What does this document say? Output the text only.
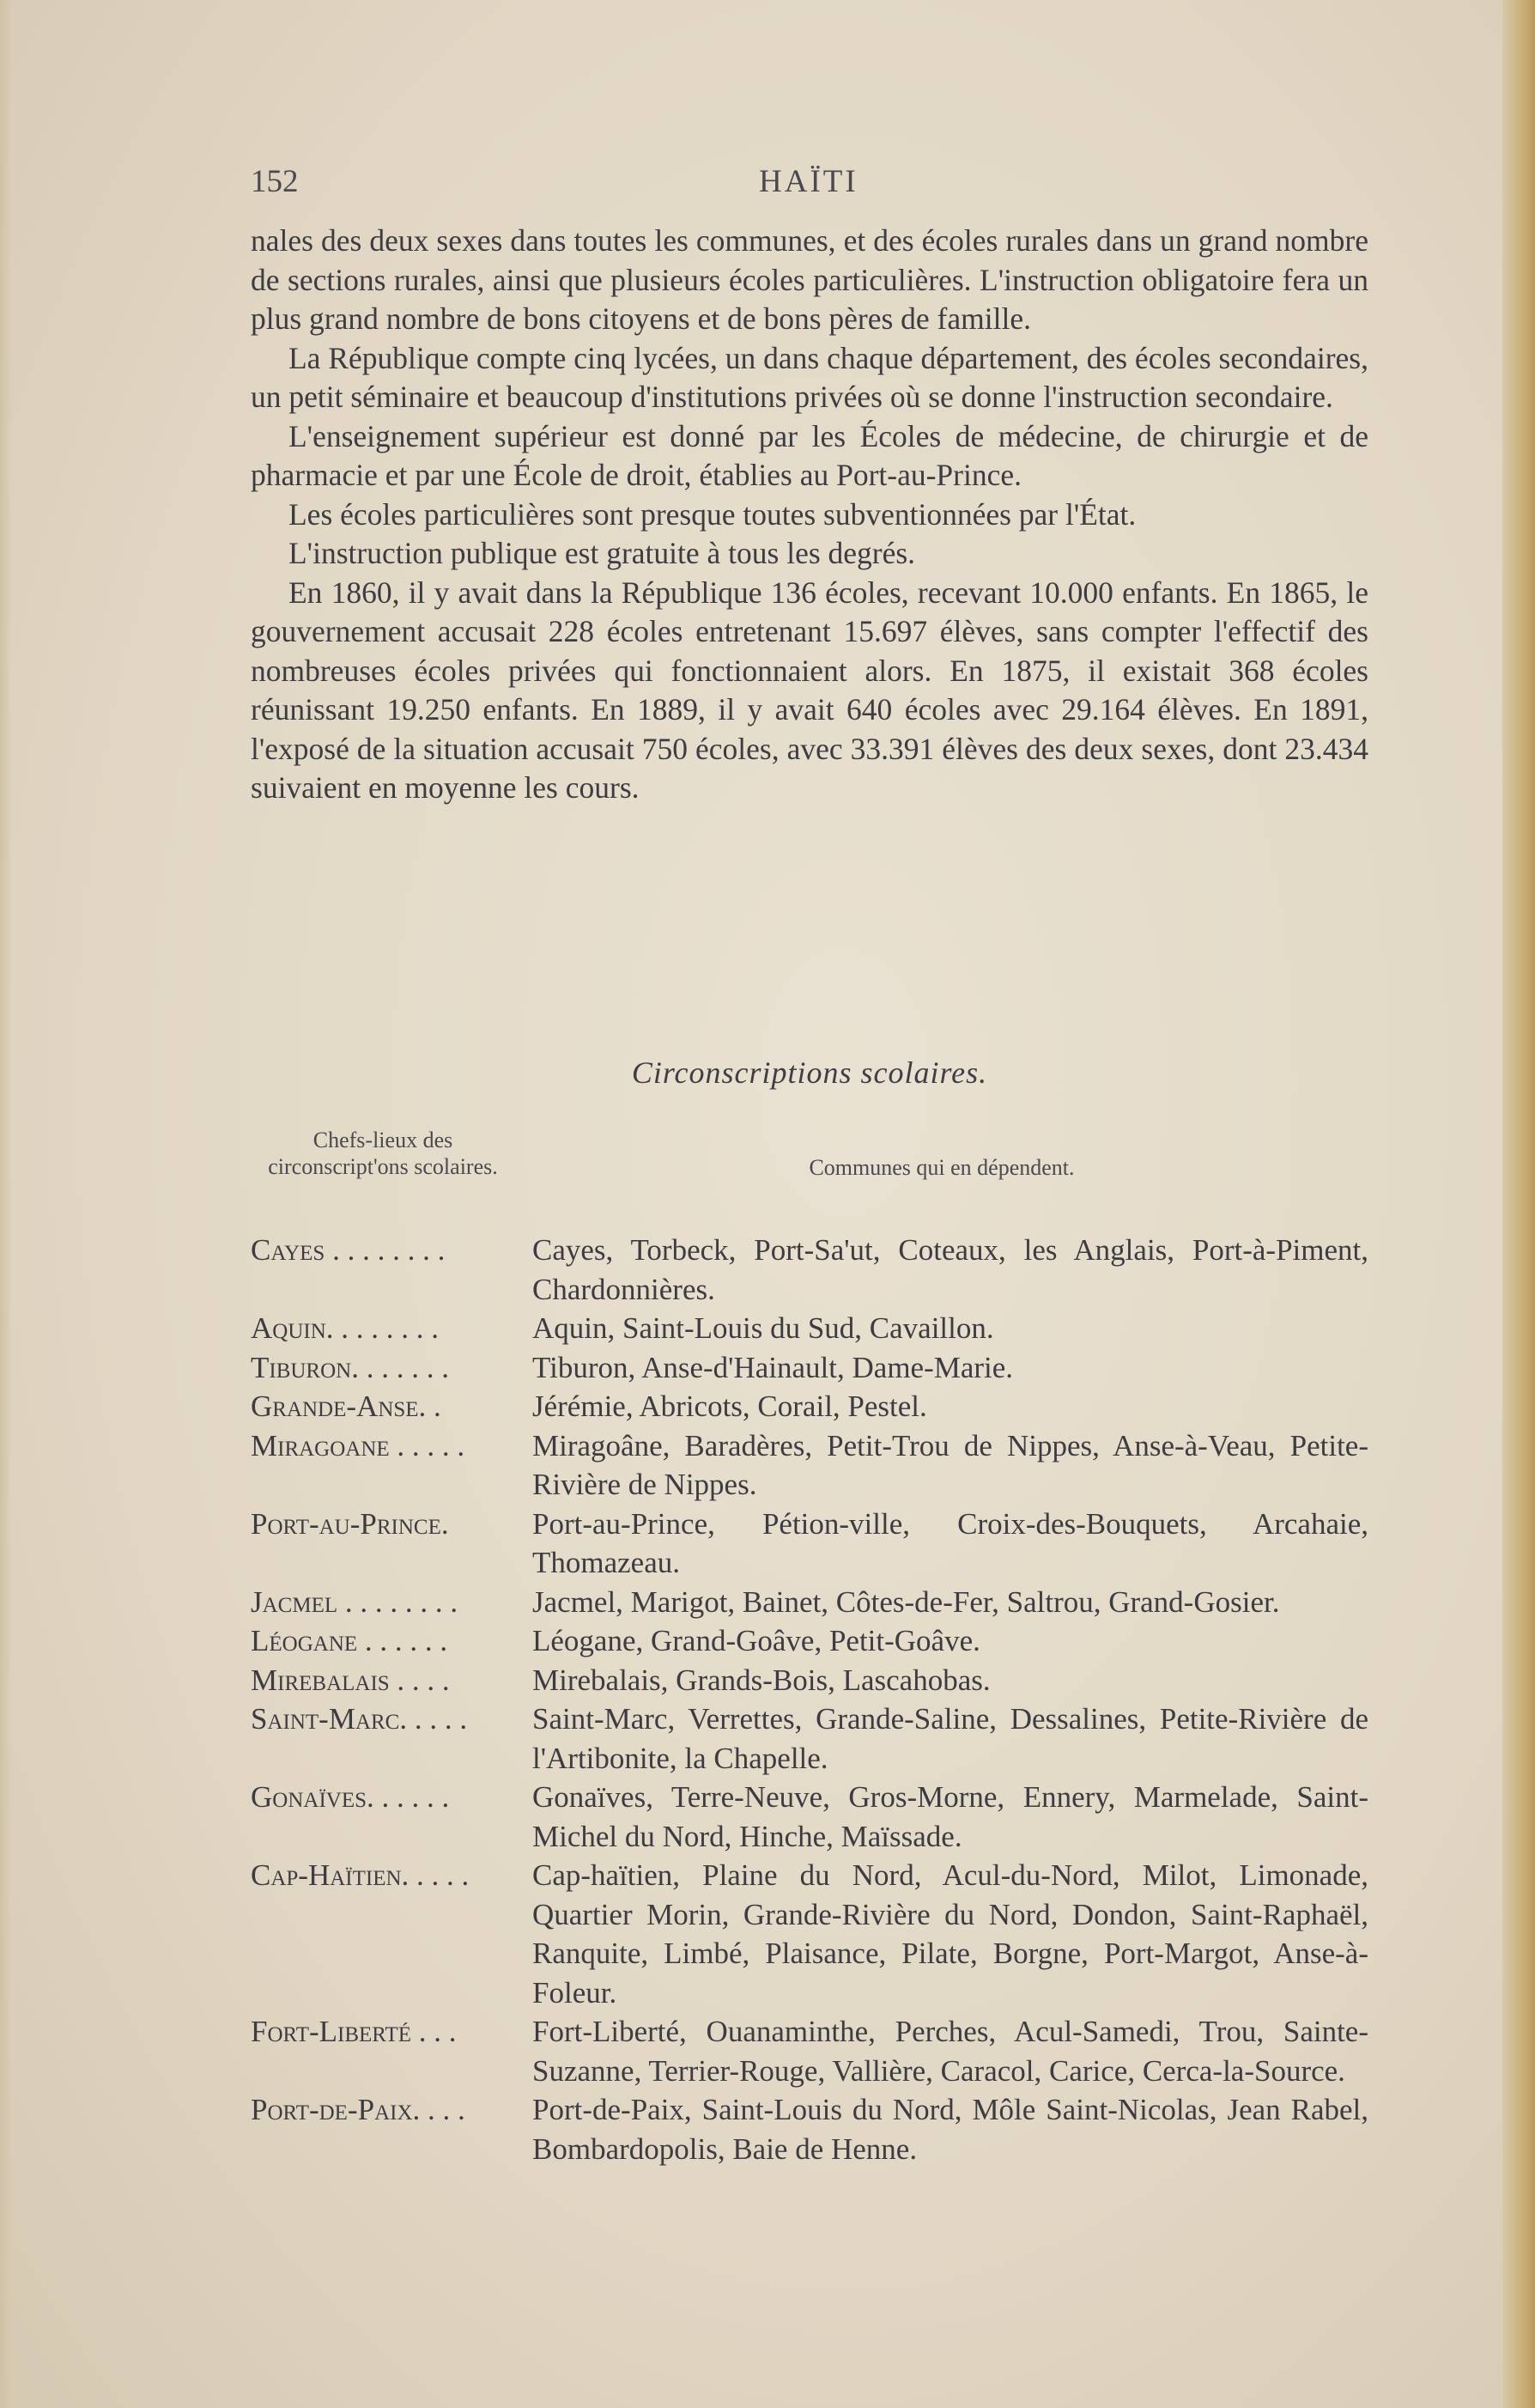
152	HAÏTI

nales des deux sexes dans toutes les communes, et des écoles rurales dans un grand nombre de sections rurales, ainsi que plusieurs écoles particulières. L'instruction obligatoire fera un plus grand nombre de bons citoyens et de bons pères de famille.

La République compte cinq lycées, un dans chaque département, des écoles secondaires, un petit séminaire et beaucoup d'institutions privées où se donne l'instruction secondaire.

L'enseignement supérieur est donné par les Écoles de médecine, de chirurgie et de pharmacie et par une École de droit, établies au Port-au-Prince.

Les écoles particulières sont presque toutes subventionnées par l'État.

L'instruction publique est gratuite à tous les degrés.

En 1860, il y avait dans la République 136 écoles, recevant 10.000 enfants. En 1865, le gouvernement accusait 228 écoles entretenant 15.697 élèves, sans compter l'effectif des nombreuses écoles privées qui fonctionnaient alors. En 1875, il existait 368 écoles réunissant 19.250 enfants. En 1889, il y avait 640 écoles avec 29.164 élèves. En 1891, l'exposé de la situation accusait 750 écoles, avec 33.391 élèves des deux sexes, dont 23.434 suivaient en moyenne les cours.

Circonscriptions scolaires.
Chefs-lieux des circonscript'ons scolaires.	Communes qui en dépendent.
Cayes . . . . . . . .	Cayes, Torbeck, Port-Sa'ut, Coteaux, les Anglais, Port-à-Piment, Chardonnières.
Aquin. . . . . . . .	Aquin, Saint-Louis du Sud, Cavaillon.
Tiburon. . . . . . .	Tiburon, Anse-d'Hainault, Dame-Marie.
Grande-Anse. .	Jérémie, Abricots, Corail, Pestel.
Miragoane . . . . .	Miragoâne, Baradères, Petit-Trou de Nippes, Anse-à-Veau, Petite-Rivière de Nippes.
Port-au-Prince.	Port-au-Prince, Pétion-ville, Croix-des-Bouquets, Arcahaie, Thomazeau.
Jacmel . . . . . . . .	Jacmel, Marigot, Bainet, Côtes-de-Fer, Saltrou, Grand-Gosier.
Léogane . . . . . .	Léogane, Grand-Goâve, Petit-Goâve.
Mirebalais . . . .	Mirebalais, Grands-Bois, Lascahobas.
Saint-Marc. . . . .	Saint-Marc, Verrettes, Grande-Saline, Dessalines, Petite-Rivière de l'Artibonite, la Chapelle.
Gonaïves. . . . . .	Gonaïves, Terre-Neuve, Gros-Morne, Ennery, Marmelade, Saint-Michel du Nord, Hinche, Maïssade.
Cap-Haïtien. . . . .	Cap-haïtien, Plaine du Nord, Acul-du-Nord, Milot, Limonade, Quartier Morin, Grande-Rivière du Nord, Dondon, Saint-Raphaël, Ranquite, Limbé, Plaisance, Pilate, Borgne, Port-Margot, Anse-à-Foleur.
Fort-Liberté . . .	Fort-Liberté, Ouanaminthe, Perches, Acul-Samedi, Trou, Sainte-Suzanne, Terrier-Rouge, Vallière, Caracol, Carice, Cerca-la-Source.
Port-de-Paix. . . .	Port-de-Paix, Saint-Louis du Nord, Môle Saint-Nicolas, Jean Rabel, Bombardopolis, Baie de Henne.
